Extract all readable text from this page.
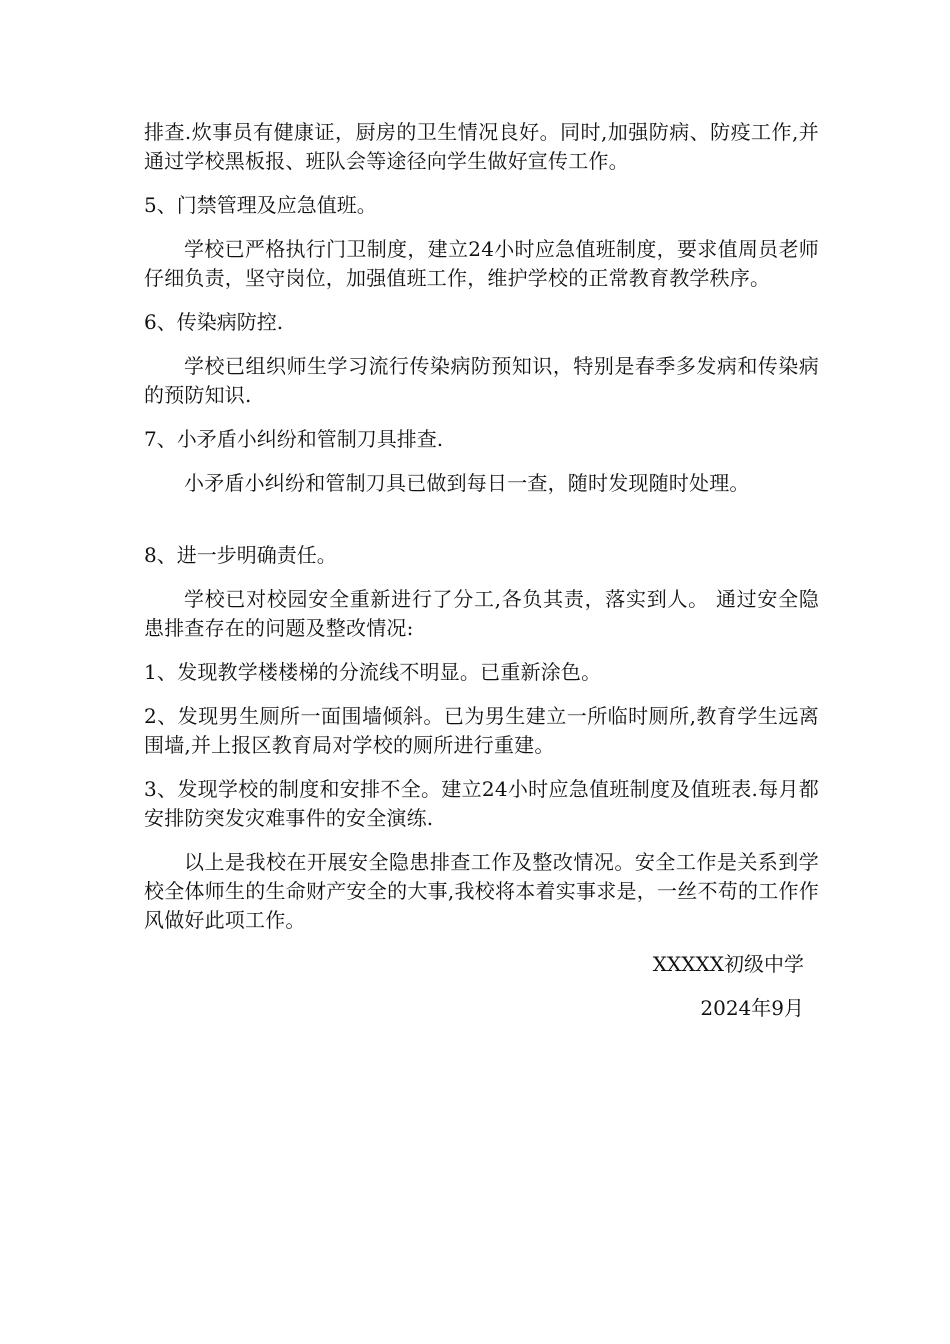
排查.炊事员有健康证，厨房的卫生情况良好。同时,加强防病、防疫工作,并通过学校黑板报、班队会等途径向学生做好宣传工作。

5、门禁管理及应急值班。

学校已严格执行门卫制度，建立24小时应急值班制度，要求值周员老师仔细负责，坚守岗位，加强值班工作，维护学校的正常教育教学秩序。

6、传染病防控.

学校已组织师生学习流行传染病防预知识，特别是春季多发病和传染病的预防知识.

7、小矛盾小纠纷和管制刀具排查.

小矛盾小纠纷和管制刀具已做到每日一查，随时发现随时处理。

8、进一步明确责任。

学校已对校园安全重新进行了分工,各负其责，落实到人。 通过安全隐患排查存在的问题及整改情况:

1、发现教学楼楼梯的分流线不明显。已重新涂色。

2、发现男生厕所一面围墙倾斜。已为男生建立一所临时厕所,教育学生远离围墙,并上报区教育局对学校的厕所进行重建。

3、发现学校的制度和安排不全。建立24小时应急值班制度及值班表.每月都安排防突发灾难事件的安全演练.

以上是我校在开展安全隐患排查工作及整改情况。安全工作是关系到学校全体师生的生命财产安全的大事,我校将本着实事求是，一丝不苟的工作作风做好此项工作。

XXXXX初级中学

2024年9月
